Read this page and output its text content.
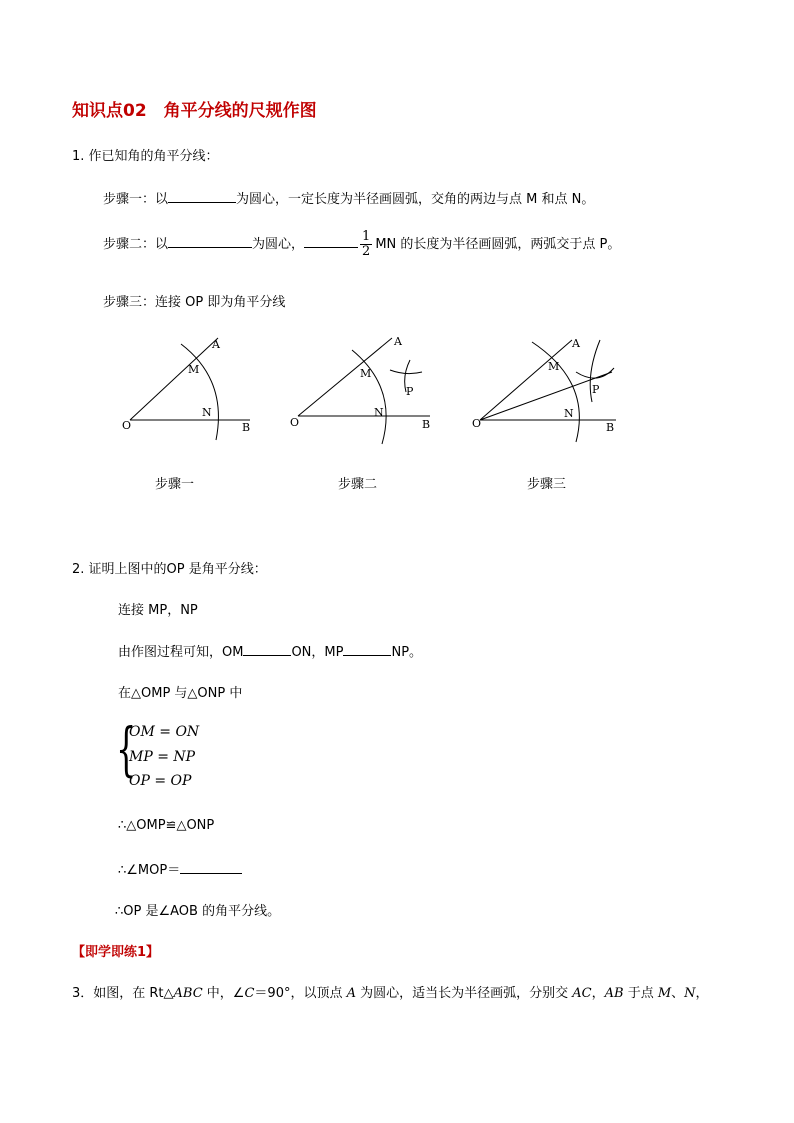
知识点02　角平分线的尺规作图
1. 作已知角的角平分线：
步骤一：以	为圆心，一定长度为半径画圆弧，交角的两边与点 M 和点 N。
步骤二：以	为圆心，	$\frac{1}{2}$ MN 的长度为半径画圆弧，两弧交于点 P。
步骤三：连接 OP 即为角平分线
O	B
A
M
N
O	B
A
M
N
P
O	B
A
M
N
P
步骤一	步骤二	步骤三
2. 证明上图中的OP 是角平分线：
连接 MP，NP
由作图过程可知，OM	ON，MP	NP。
在△OMP 与△ONP 中
{
OM = ON
MP = NP
OP = OP
∴△OMP≌△ONP
∴∠MOP＝
∴OP 是∠AOB 的角平分线。
【即学即练1】
3．如图，在 Rt△ABC 中，∠C＝90°，以顶点 A 为圆心，适当长为半径画弧，分别交 AC，AB 于点 M、N，
